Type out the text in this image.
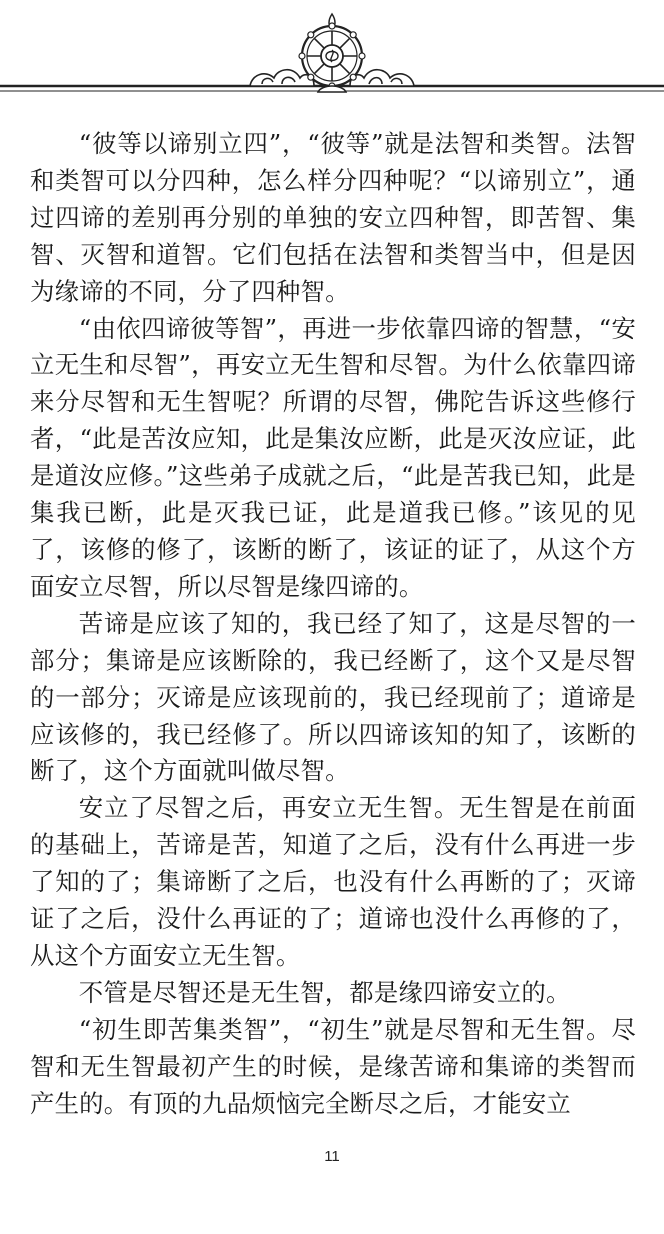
“彼等以谛别立四”，“彼等”就是法智和类智。法智和类智可以分四种，怎么样分四种呢？“以谛别立”，通过四谛的差别再分别的单独的安立四种智，即苦智、集智、灭智和道智。它们包括在法智和类智当中，但是因为缘谛的不同，分了四种智。

“由依四谛彼等智”，再进一步依靠四谛的智慧，“安立无生和尽智”，再安立无生智和尽智。为什么依靠四谛来分尽智和无生智呢？所谓的尽智，佛陀告诉这些修行者，“此是苦汝应知，此是集汝应断，此是灭汝应证，此是道汝应修。”这些弟子成就之后，“此是苦我已知，此是集我已断，此是灭我已证，此是道我已修。”该见的见了，该修的修了，该断的断了，该证的证了，从这个方面安立尽智，所以尽智是缘四谛的。

苦谛是应该了知的，我已经了知了，这是尽智的一部分；集谛是应该断除的，我已经断了，这个又是尽智的一部分；灭谛是应该现前的，我已经现前了；道谛是应该修的，我已经修了。所以四谛该知的知了，该断的断了，这个方面就叫做尽智。

安立了尽智之后，再安立无生智。无生智是在前面的基础上，苦谛是苦，知道了之后，没有什么再进一步了知的了；集谛断了之后，也没有什么再断的了；灭谛证了之后，没什么再证的了；道谛也没什么再修的了，从这个方面安立无生智。

不管是尽智还是无生智，都是缘四谛安立的。

“初生即苦集类智”，“初生”就是尽智和无生智。尽智和无生智最初产生的时候，是缘苦谛和集谛的类智而产生的。有顶的九品烦恼完全断尽之后，才能安立

11
